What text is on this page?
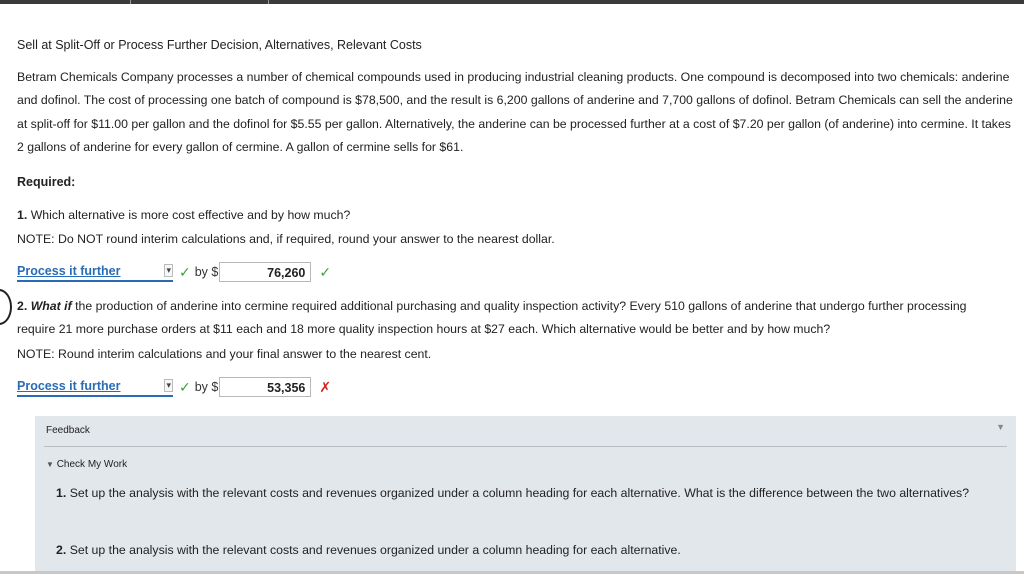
Sell at Split-Off or Process Further Decision, Alternatives, Relevant Costs

Betram Chemicals Company processes a number of chemical compounds used in producing industrial cleaning products. One compound is decomposed into two chemicals: anderine and dofinol. The cost of processing one batch of compound is $78,500, and the result is 6,200 gallons of anderine and 7,700 gallons of dofinol. Betram Chemicals can sell the anderine at split-off for $11.00 per gallon and the dofinol for $5.55 per gallon. Alternatively, the anderine can be processed further at a cost of $7.20 per gallon (of anderine) into cermine. It takes 2 gallons of anderine for every gallon of cermine. A gallon of cermine sells for $61.

Required:

1. Which alternative is more cost effective and by how much?

NOTE: Do NOT round interim calculations and, if required, round your answer to the nearest dollar.
Process it further	▾ ✓ by $	76,260	✓

2. What if the production of anderine into cermine required additional purchasing and quality inspection activity? Every 510 gallons of anderine that undergo further processing require 21 more purchase orders at $11 each and 18 more quality inspection hours at $27 each. Which alternative would be better and by how much?

NOTE: Round interim calculations and your final answer to the nearest cent.
Process it further	▾ ✓ by $	53,356	✗
Feedback	▼
▼ Check My Work

1. Set up the analysis with the relevant costs and revenues organized under a column heading for each alternative. What is the difference between the two alternatives?

2. Set up the analysis with the relevant costs and revenues organized under a column heading for each alternative.
